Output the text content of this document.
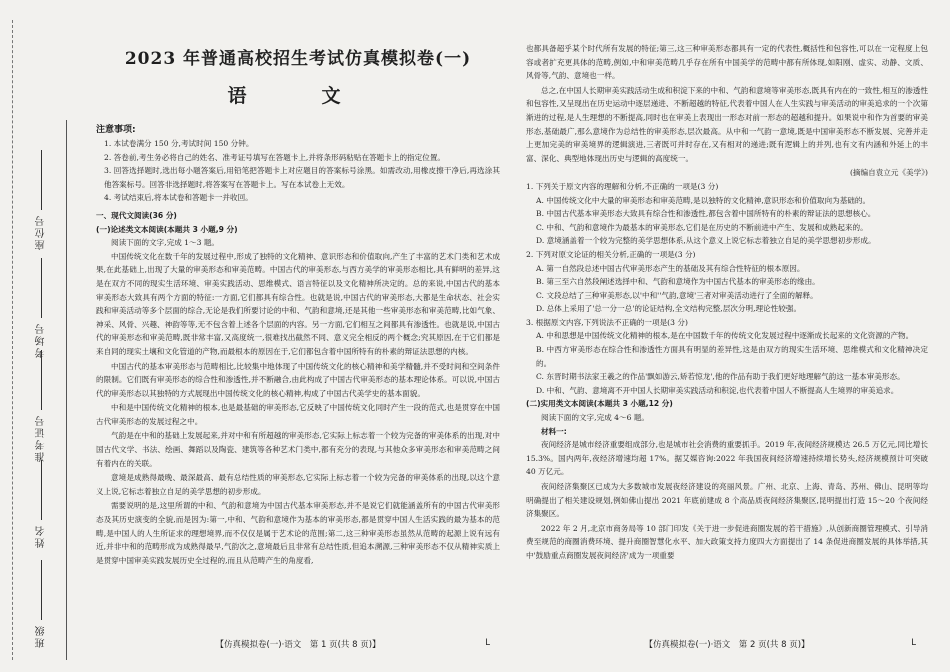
座位号
考场号
准考证号
姓名
班级
2023 年普通高校招生考试仿真模拟卷(一)
语　文

注意事项:

1. 本试卷满分 150 分,考试时间 150 分钟。

2. 答卷前,考生务必将自己的姓名、准考证号填写在答题卡上,并将条形码粘贴在答题卡上的指定位置。

3. 回答选择题时,选出每小题答案后,用铅笔把答题卡上对应题目的答案标号涂黑。如需改动,用橡皮擦干净后,再选涂其他答案标号。回答非选择题时,将答案写在答题卡上。写在本试卷上无效。

4. 考试结束后,将本试卷和答题卡一并收回。

一、现代文阅读(36 分)

(一)论述类文本阅读(本题共 3 小题,9 分)

阅读下面的文字,完成 1～3 题。

中国传统文化在数千年的发展过程中,形成了独特的文化精神、意识形态和价值取向,产生了丰富的艺术门类和艺术成果,在此基础上,出现了大量的审美形态和审美范畴。中国古代的审美形态,与西方美学的审美形态相比,具有鲜明的差异,这是在双方不同的现实生活环境、审美实践活动、思维模式、语言特征以及文化精神所决定的。总的来说,中国古代的基本审美形态大致具有两个方面的特征:一方面,它们都具有综合性。也就是说,中国古代的审美形态,大都是生命状态、社会实践和审美活动等多个层面的综合,无论是我们所要讨论的中和、气韵和意境,还是其他一些审美形态和审美范畴,比如气象、神采、风骨、兴趣、神韵等等,无不包含着上述各个层面的内容。另一方面,它们相互之间都具有渗透性。也就是说,中国古代的审美形态和审美范畴,既非常丰富,又高度统一,很难找出截然不同、意义完全相反的两个概念;究其原因,在于它们都是来自同的现实土壤和文化管道的产物,而最根本的原因在于,它们都包含着中国所特有的朴素的辩证法思想的内核。

中国古代的基本审美形态与范畴相比,比较集中地体现了中国传统文化的核心精神和美学精髓,并不受时间和空间条件的限制。它们既有审美形态的综合性和渗透性,并不断融合,由此构成了中国古代审美形态的基本理论体系。可以说,中国古代的审美形态以其独特的方式展现出中国传统文化的核心精神,构成了中国古代美学史的基本面貌。

中和是中国传统文化精神的根本,也是最基础的审美形态,它反映了中国传统文化同时产生一段的范式,也是贯穿在中国古代审美形态的发展过程之中。

气韵是在中和的基础上发展起来,并对中和有所超越的审美形态,它实际上标志着一个较为完备的审美体系的出现,对中国古代文学、书法、绘画、舞蹈以及陶瓷、建筑等各种艺术门类中,都有充分的表现,与其他众多审美形态和审美范畴之间有着内在的关联。

意境是成熟得最晚、最深最高、最有总结性质的审美形态,它实际上标志着一个较为完备的审美体系的出现,以这个意义上说,它标志着独立自足的美学思想的初步形成。

需要说明的是,这里所谓的中和、气韵和意境为中国古代基本审美形态,并不是说它们就能涵盖所有的中国古代审美形态及其历史演变的全貌,而是因为:第一,中和、气韵和意境作为基本的审美形态,都是贯穿中国人生活实践的最为基本的范畴,是中国人的人生所证求的理想境界,而不仅仅是属于艺术论的范围;第二,这三种审美形态虽然从范畴的起源上说有远有近,并非中和的范畴形成为成熟得最早,气韵次之,意境最后且非常有总结性质,但追本溯源,三种审美形态不仅从精神实质上是贯穿中国审美实践发展历史全过程的,而且从范畴产生的角度看,

【仿真模拟卷(一)·语文　第 1 页(共 8 页)】	L

也都具备超乎某个时代所有发展的特征;第三,这三种审美形态都具有一定的代表性,概括性和包容性,可以在一定程度上包容或者扩充更具体的范畴,例如,中和审美范畴几乎存在所有中国美学的范畴中都有所体现,如阳刚、虚实、动静、文质、风骨等,气韵、意境也一样。

总之,在中国人长期审美实践活动生成和积淀下来的中和、气韵和意境等审美形态,既具有内在的一致性,相互的渗透性和包容性,又呈现出在历史运动中逐层递进、不断超越的特征,代表着中国人在人生实践与审美活动的审美追求的一个次第渐进的过程,是人生理想的不断提高,同时也在审美上表现出一形态对前一形态的超越和提升。如果说中和作为首要的审美形态,基础最广,那么意境作为总结性的审美形态,层次最高。从中和一气韵一意境,既是中国审美形态不断发展、完善并走上更加完美的审美境界的逻辑演进,三者既可并时存在,又有相对的递进;既有逻辑上的并列,也有文有内涵和外延上的丰富、深化、典型地体现出历史与逻辑的高度统一。

(摘编自袁立元《美学》)

1. 下列关于原文内容的理解和分析,不正确的一项是(3 分)

A. 中国传统文化中大量的审美形态和审美范畴,是以独特的文化精神,意识形态和价值取向为基础的。

B. 中国古代基本审美形态大致具有综合性和渗透性,都包含着中国所特有的朴素的辩证法的思想核心。

C. 中和、气韵和意境作为最基本的审美形态,它们是在历史的不断前进中产生、发展和成熟起来的。

D. 意境涵盖着一个较为完整的美学思想体系,从这个意义上说它标志着独立自足的美学思想初步形成。

2. 下列对原文论证的相关分析,正确的一项是(3 分)

A. 第一自然段总述中国古代审美形态产生的基础及其有综合性特征的根本原因。

B. 第三至六自然段阐述选择中和、气韵和意境作为中国古代基本的审美形态的缘由。

C. 文段总结了三种审美形态,以'中和''气韵,意境'三者对审美活动进行了全面的解释。

D. 总体上采用了'总一分一总'的论证结构,全文结构完整,层次分明,理论性较强。

3. 根据原文内容,下列说法不正确的一项是(3 分)

A. 中和思想是中国传统文化精神的根本,是在中国数千年的传统文化发展过程中逐渐成长起来的文化资源的产物。

B. 中西方审美形态在综合性和渗透性方面具有明显的差异性,这是由双方的现实生活环境、思维模式和文化精神决定的。

C. 东晋时期书法家王羲之的作品'飘如游云,矫若惊龙',他的作品有助于我们更好地理解气韵这一基本审美形态。

D. 中和、气韵、意境离不开中国人长期审美实践活动和积淀,也代表着中国人不断提高人生境界的审美追求。

(二)实用类文本阅读(本题共 3 小题,12 分)

阅读下面的文字,完成 4～6 题。

材料一:

夜间经济是城市经济重要组成部分,也是城市社会消费的重要抓手。2019 年,夜间经济规模达 26.5 万亿元,同比增长 15.3%。国内两年,夜经济增速均超 17%。据艾媒咨询:2022 年我国夜间经济增速持续增长势头,经济规模预计可突破 40 万亿元。

夜间经济集聚区已成为大多数城市发展夜经济建设的亮丽风景。广州、北京、上海、青岛、苏州、佛山、昆明等均明确提出了相关建设规划,例如佛山提出 2021 年底前建成 8 个高品质夜间经济集聚区,昆明提出打造 15～20 个夜间经济集聚区。

2022 年 2 月,北京市商务局等 10 部门印发《关于进一步促进商圈发展的若干措施》,从创新商圈管理模式、引导消费至规范的商圈消费环境、提升商圈智慧化水平、加大政策支持力度四大方面提出了 14 条促进商圈发展的具体举措,其中'鼓励重点商圈发展夜间经济'成为一项重要

【仿真模拟卷(一)·语文　第 2 页(共 8 页)】	L
